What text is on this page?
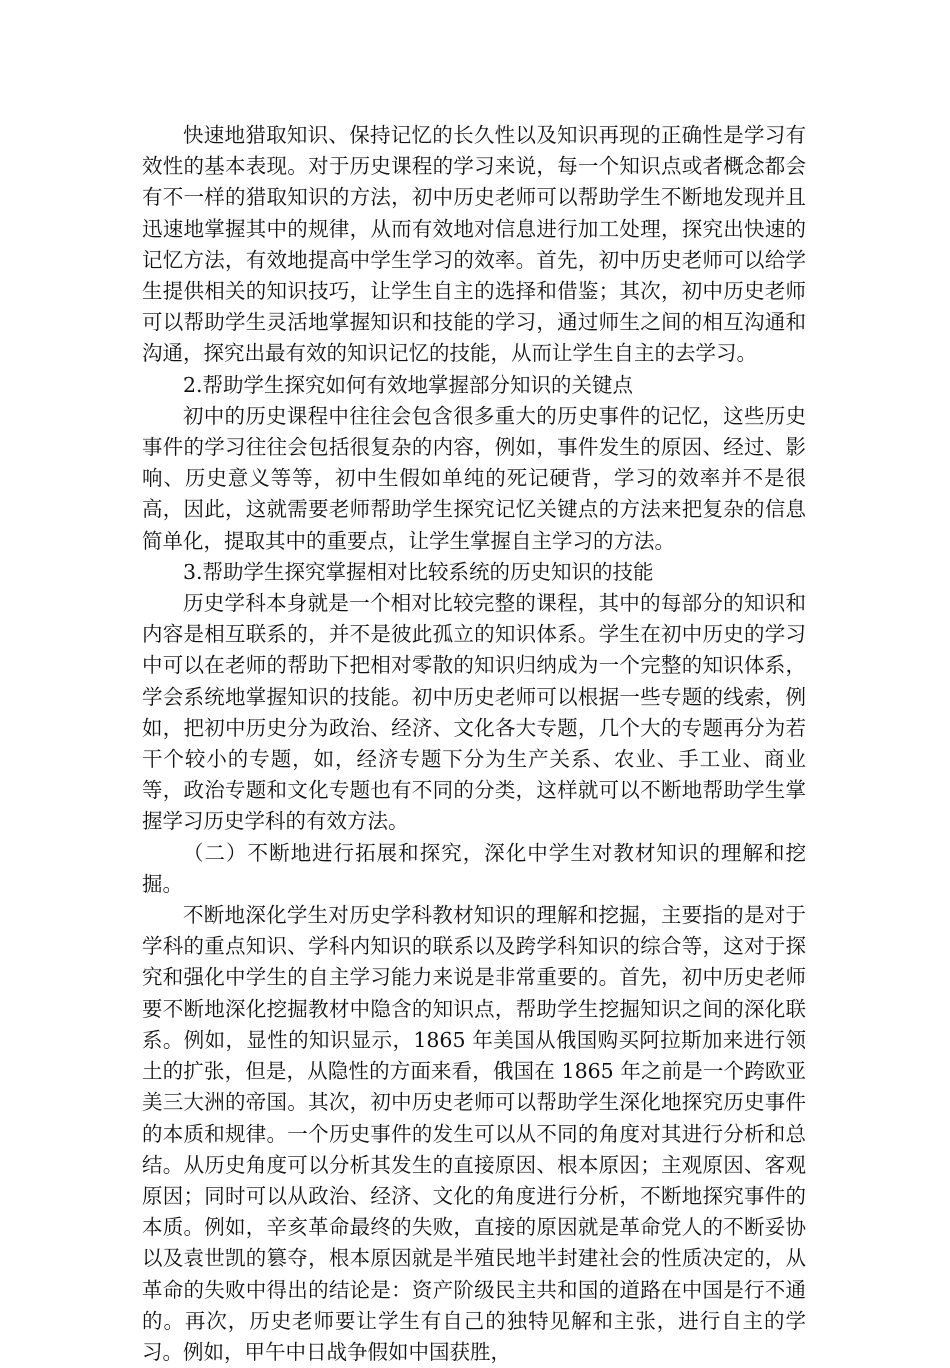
快速地猎取知识、保持记忆的长久性以及知识再现的正确性是学习有效性的基本表现。对于历史课程的学习来说，每一个知识点或者概念都会有不一样的猎取知识的方法，初中历史老师可以帮助学生不断地发现并且迅速地掌握其中的规律，从而有效地对信息进行加工处理，探究出快速的记忆方法，有效地提高中学生学习的效率。首先，初中历史老师可以给学生提供相关的知识技巧，让学生自主的选择和借鉴；其次，初中历史老师可以帮助学生灵活地掌握知识和技能的学习，通过师生之间的相互沟通和沟通，探究出最有效的知识记忆的技能，从而让学生自主的去学习。

2.帮助学生探究如何有效地掌握部分知识的关键点

初中的历史课程中往往会包含很多重大的历史事件的记忆，这些历史事件的学习往往会包括很复杂的内容，例如，事件发生的原因、经过、影响、历史意义等等，初中生假如单纯的死记硬背，学习的效率并不是很高，因此，这就需要老师帮助学生探究记忆关键点的方法来把复杂的信息简单化，提取其中的重要点，让学生掌握自主学习的方法。

3.帮助学生探究掌握相对比较系统的历史知识的技能

历史学科本身就是一个相对比较完整的课程，其中的每部分的知识和内容是相互联系的，并不是彼此孤立的知识体系。学生在初中历史的学习中可以在老师的帮助下把相对零散的知识归纳成为一个完整的知识体系，学会系统地掌握知识的技能。初中历史老师可以根据一些专题的线索，例如，把初中历史分为政治、经济、文化各大专题，几个大的专题再分为若干个较小的专题，如，经济专题下分为生产关系、农业、手工业、商业等，政治专题和文化专题也有不同的分类，这样就可以不断地帮助学生掌握学习历史学科的有效方法。

（二）不断地进行拓展和探究，深化中学生对教材知识的理解和挖掘。

不断地深化学生对历史学科教材知识的理解和挖掘，主要指的是对于学科的重点知识、学科内知识的联系以及跨学科知识的综合等，这对于探究和强化中学生的自主学习能力来说是非常重要的。首先，初中历史老师要不断地深化挖掘教材中隐含的知识点，帮助学生挖掘知识之间的深化联系。例如，显性的知识显示，1865 年美国从俄国购买阿拉斯加来进行领土的扩张，但是，从隐性的方面来看，俄国在 1865 年之前是一个跨欧亚美三大洲的帝国。其次，初中历史老师可以帮助学生深化地探究历史事件的本质和规律。一个历史事件的发生可以从不同的角度对其进行分析和总结。从历史角度可以分析其发生的直接原因、根本原因；主观原因、客观原因；同时可以从政治、经济、文化的角度进行分析，不断地探究事件的本质。例如，辛亥革命最终的失败，直接的原因就是革命党人的不断妥协以及袁世凯的篡夺，根本原因就是半殖民地半封建社会的性质决定的，从革命的失败中得出的结论是：资产阶级民主共和国的道路在中国是行不通的。再次，历史老师要让学生有自己的独特见解和主张，进行自主的学习。例如，甲午中日战争假如中国获胜，
